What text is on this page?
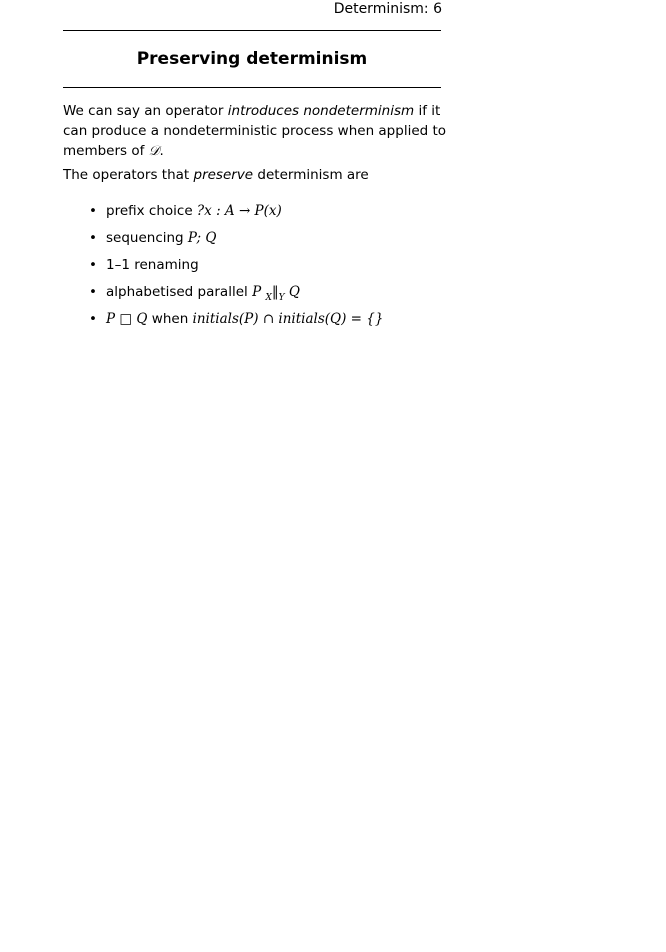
Determinism: 6
Preserving determinism
We can say an operator introduces nondeterminism if it can produce a nondeterministic process when applied to members of 𝒟.
The operators that preserve determinism are
• prefix choice ?x : A → P(x)
• sequencing P; Q
• 1–1 renaming
• alphabetised parallel P $_X‖_Y$ Q
• P □ Q when initials(P) ∩ initials(Q) = {}
